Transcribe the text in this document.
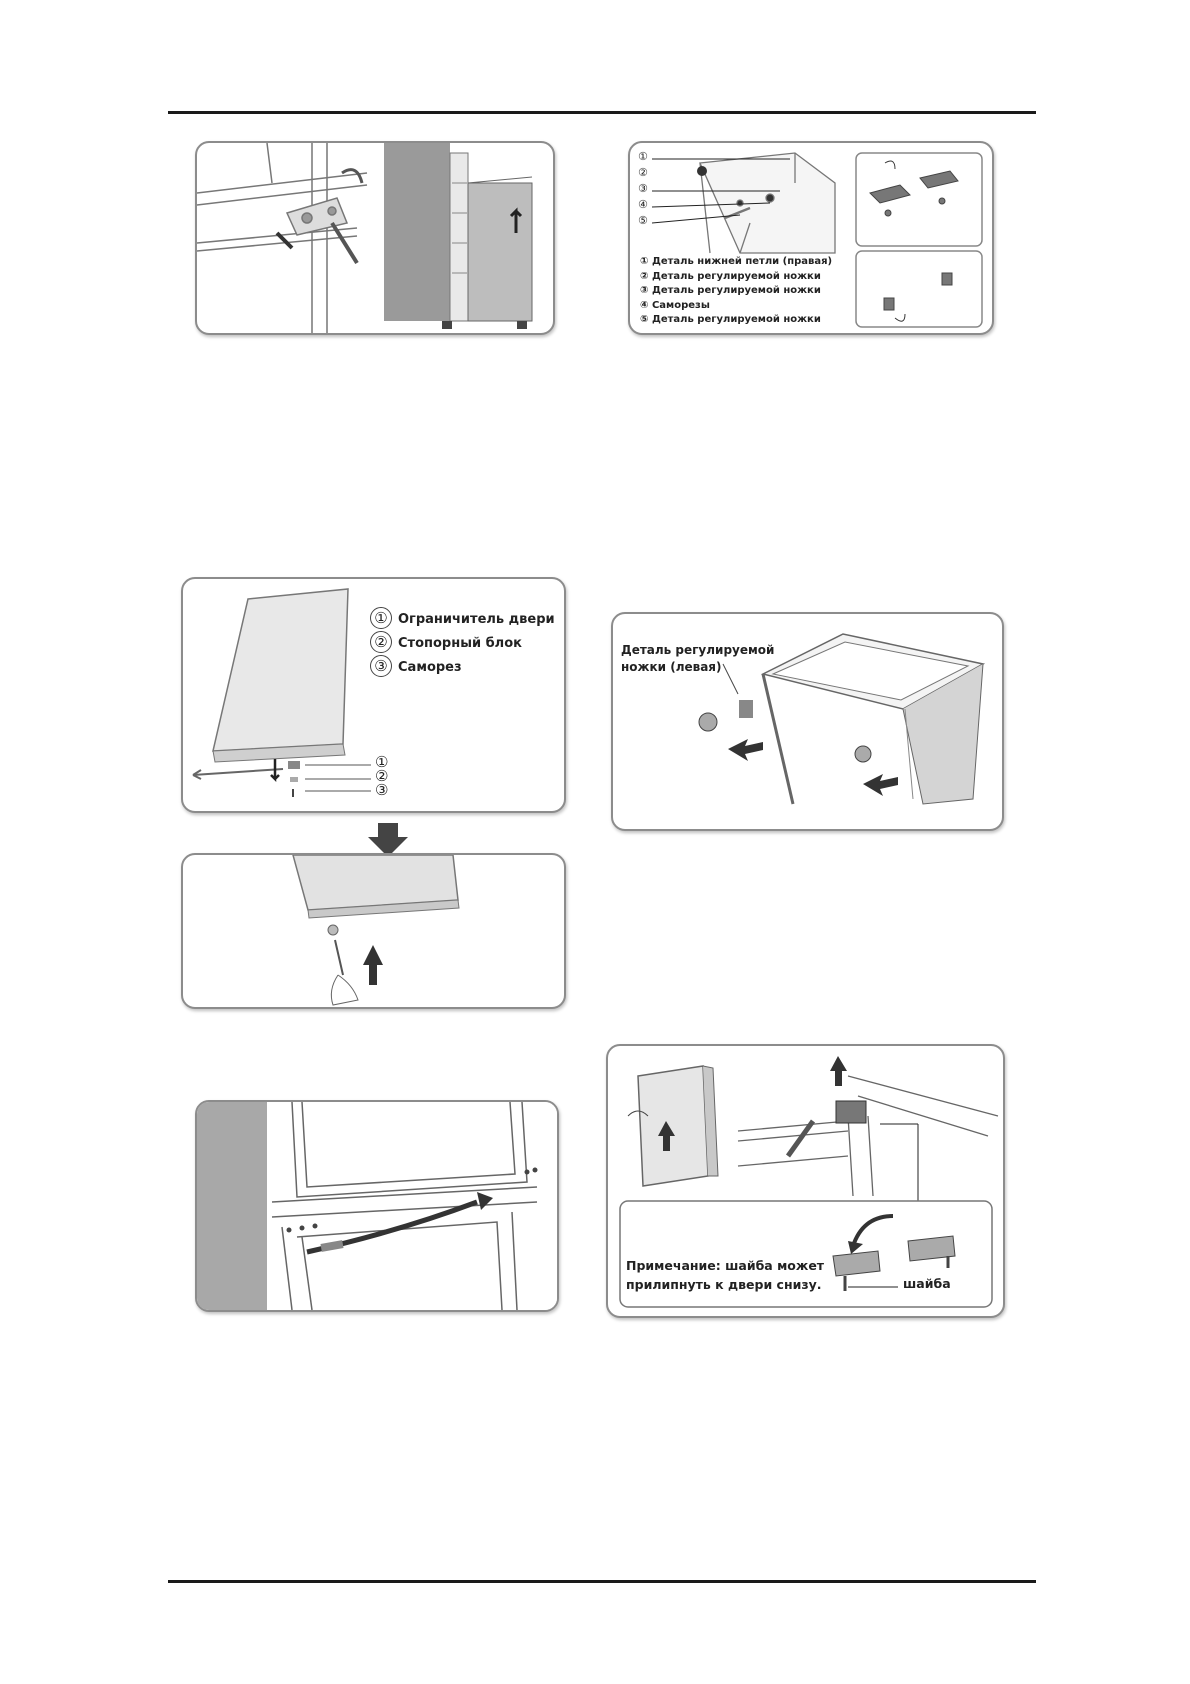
①
②
③
④
⑤
① Деталь нижней петли (правая)
② Деталь регулируемой ножки
③ Деталь регулируемой ножки
④ Саморезы
⑤ Деталь регулируемой ножки
① Ограничитель двери
② Стопорный блок
③ Саморез
①
②
③
Деталь регулируемой
ножки (левая)
Примечание: шайба может
прилипнуть к двери снизу.	шайба
